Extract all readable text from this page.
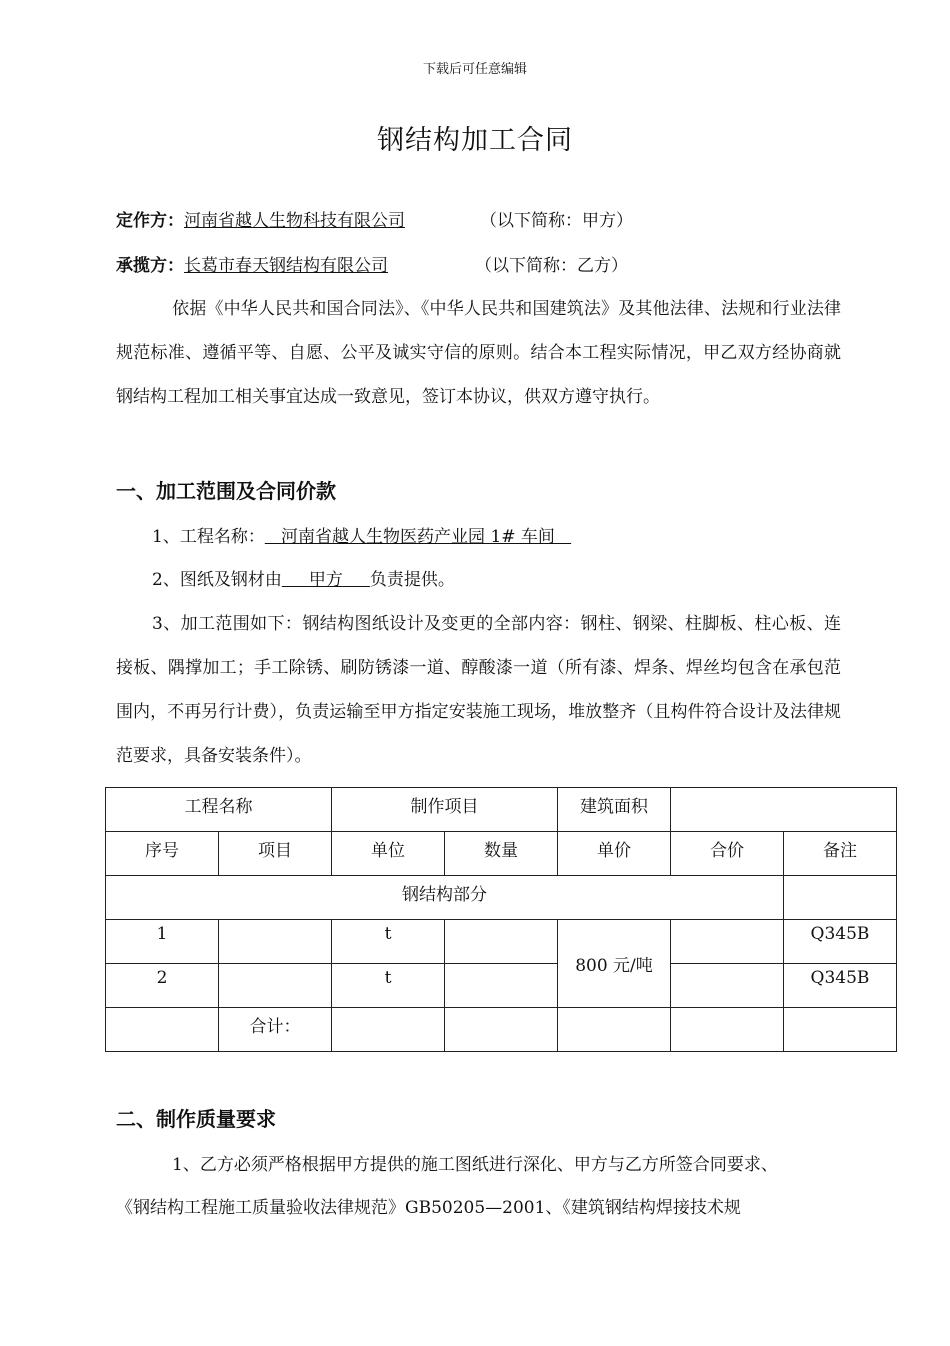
下载后可任意编辑
钢结构加工合同
定作方：河南省越人生物科技有限公司	（以下简称：甲方）
承揽方：长葛市春天钢结构有限公司	（以下简称：乙方）
依据《中华人民共和国合同法》、《中华人民共和国建筑法》及其他法律、法规和行业法律规范标准、遵循平等、自愿、公平及诚实守信的原则。结合本工程实际情况，甲乙双方经协商就钢结构工程加工相关事宜达成一致意见，签订本协议，供双方遵守执行。
一、加工范围及合同价款
1、工程名称： 河南省越人生物医药产业园 1# 车间
2、图纸及钢材由 甲方 负责提供。
3、加工范围如下：钢结构图纸设计及变更的全部内容：钢柱、钢梁、柱脚板、柱心板、连接板、隅撑加工；手工除锈、刷防锈漆一道、醇酸漆一道（所有漆、焊条、焊丝均包含在承包范围内，不再另行计费），负责运输至甲方指定安装施工现场，堆放整齐（且构件符合设计及法律规范要求，具备安装条件）。
工程名称		制作项目		建筑面积		
序号	项目	单位	数量	单价	合价	备注
钢结构部分						
1		t		800 元/吨		Q345B
2		t				Q345B
	合计：					
二、制作质量要求
1、乙方必须严格根据甲方提供的施工图纸进行深化、甲方与乙方所签合同要求、
《钢结构工程施工质量验收法律规范》GB50205—2001、《建筑钢结构焊接技术规
